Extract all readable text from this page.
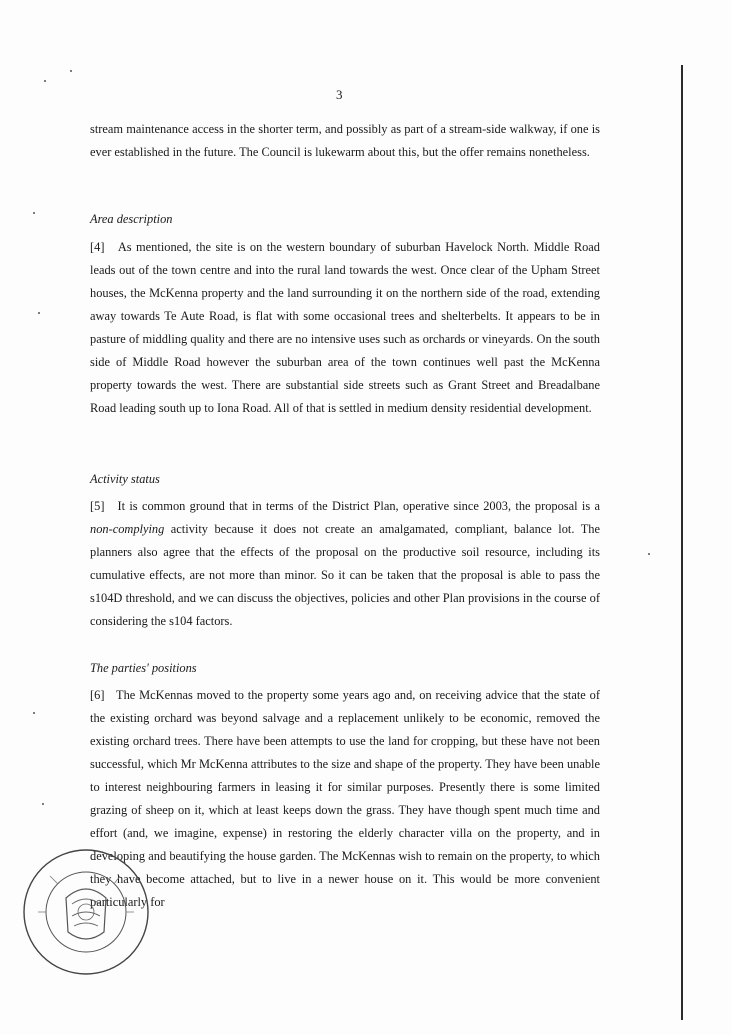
3
stream maintenance access in the shorter term, and possibly as part of a stream-side walkway, if one is ever established in the future. The Council is lukewarm about this, but the offer remains nonetheless.
Area description
[4]   As mentioned, the site is on the western boundary of suburban Havelock North. Middle Road leads out of the town centre and into the rural land towards the west. Once clear of the Upham Street houses, the McKenna property and the land surrounding it on the northern side of the road, extending away towards Te Aute Road, is flat with some occasional trees and shelterbelts. It appears to be in pasture of middling quality and there are no intensive uses such as orchards or vineyards. On the south side of Middle Road however the suburban area of the town continues well past the McKenna property towards the west. There are substantial side streets such as Grant Street and Breadalbane Road leading south up to Iona Road. All of that is settled in medium density residential development.
Activity status
[5]   It is common ground that in terms of the District Plan, operative since 2003, the proposal is a non-complying activity because it does not create an amalgamated, compliant, balance lot. The planners also agree that the effects of the proposal on the productive soil resource, including its cumulative effects, are not more than minor. So it can be taken that the proposal is able to pass the s104D threshold, and we can discuss the objectives, policies and other Plan provisions in the course of considering the s104 factors.
The parties' positions
[6]   The McKennas moved to the property some years ago and, on receiving advice that the state of the existing orchard was beyond salvage and a replacement unlikely to be economic, removed the existing orchard trees. There have been attempts to use the land for cropping, but these have not been successful, which Mr McKenna attributes to the size and shape of the property. They have been unable to interest neighbouring farmers in leasing it for similar purposes. Presently there is some limited grazing of sheep on it, which at least keeps down the grass. They have though spent much time and effort (and, we imagine, expense) in restoring the elderly character villa on the property, and in developing and beautifying the house garden. The McKennas wish to remain on the property, to which they have become attached, but to live in a newer house on it. This would be more convenient particularly for
